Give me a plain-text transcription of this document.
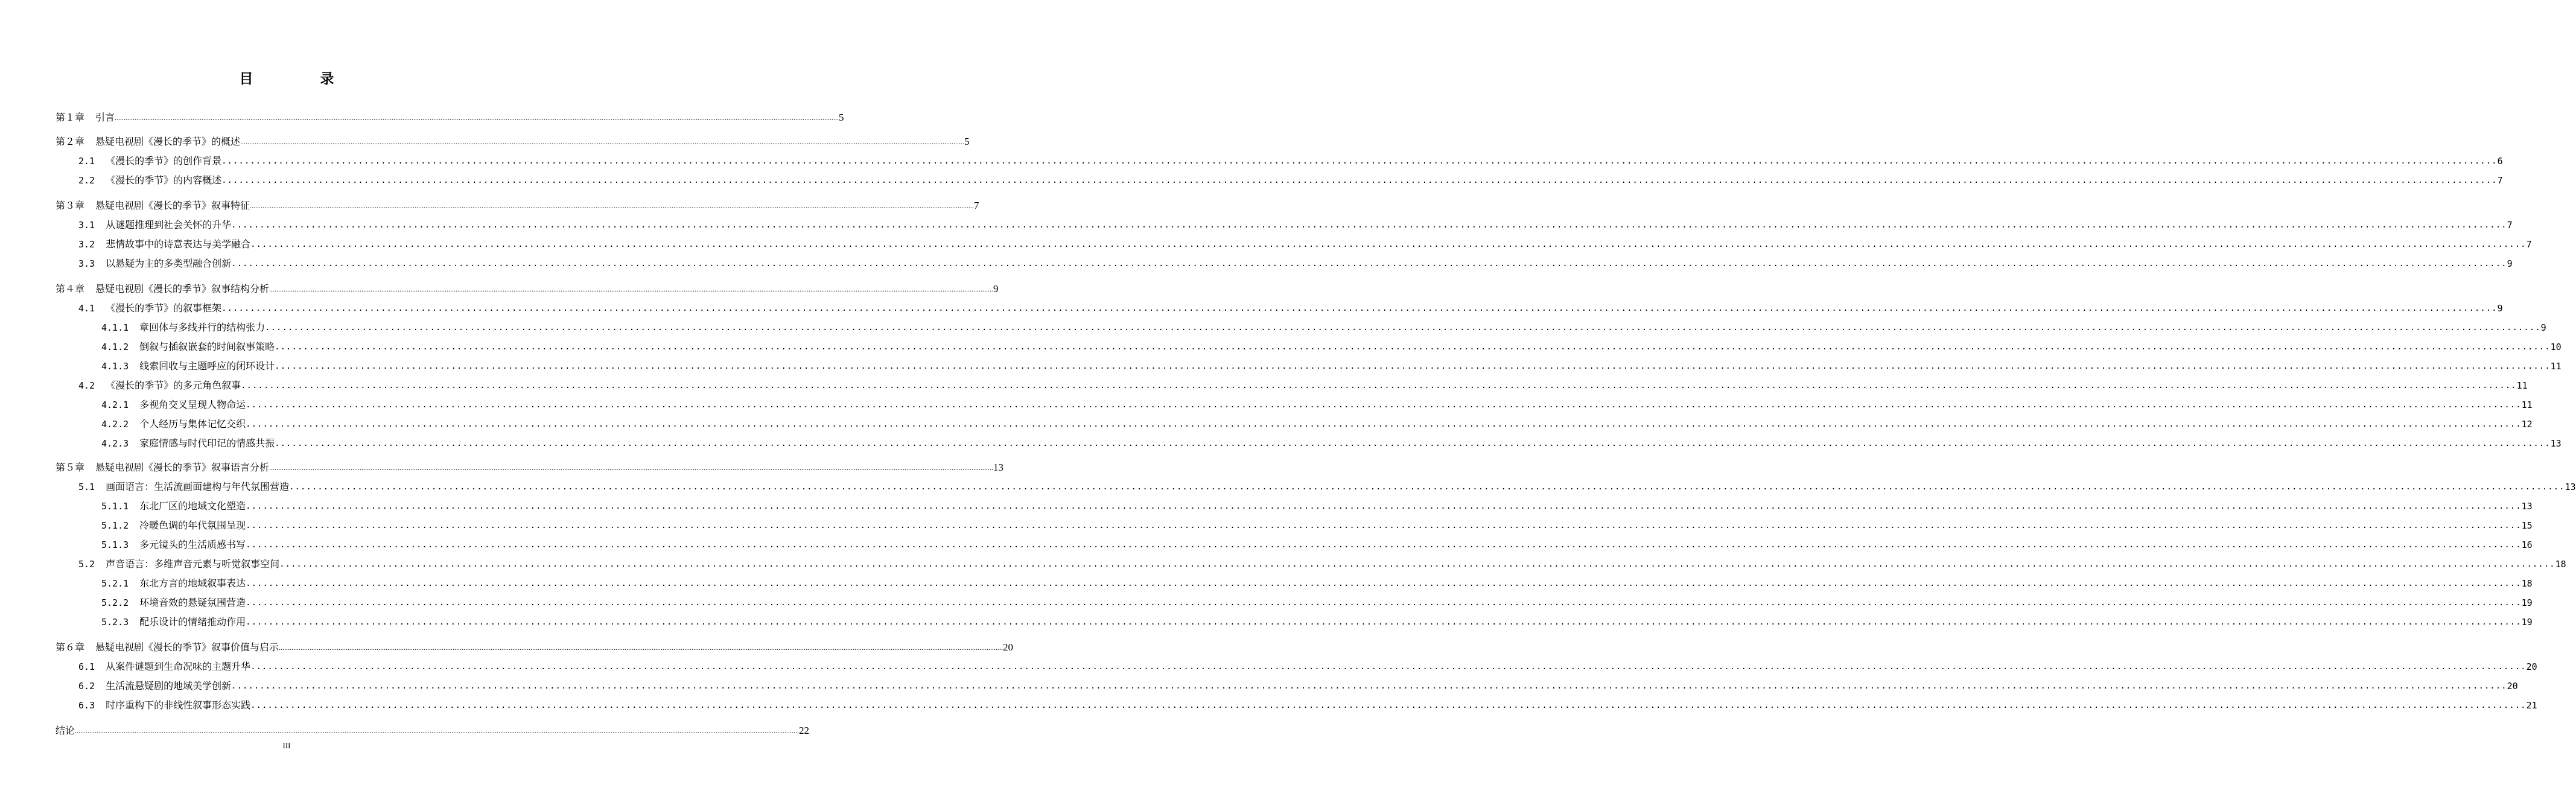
目　录
第１章 引言 ................................................................................................................................................................................................................................................................................................................................................................................................................ 5
第２章 悬疑电视剧《漫长的季节》的概述 ................................................................................................................................................................................................................................................................................................................................................................................................................ 5
2.1 《漫长的季节》的创作背景 ................................................................................................................................................................................................................................................................................................................................................................................................................ 6
2.2 《漫长的季节》的内容概述 ................................................................................................................................................................................................................................................................................................................................................................................................................ 7
第３章 悬疑电视剧《漫长的季节》叙事特征 ................................................................................................................................................................................................................................................................................................................................................................................................................ 7
3.1 从谜题推理到社会关怀的升华 ................................................................................................................................................................................................................................................................................................................................................................................................................ 7
3.2 悲情故事中的诗意表达与美学融合 ................................................................................................................................................................................................................................................................................................................................................................................................................ 7
3.3 以悬疑为主的多类型融合创新 ................................................................................................................................................................................................................................................................................................................................................................................................................ 9
第４章 悬疑电视剧《漫长的季节》叙事结构分析 ................................................................................................................................................................................................................................................................................................................................................................................................................ 9
4.1 《漫长的季节》的叙事框架 ................................................................................................................................................................................................................................................................................................................................................................................................................ 9
4.1.1 章回体与多线并行的结构张力 ................................................................................................................................................................................................................................................................................................................................................................................................................ 9
4.1.2 倒叙与插叙嵌套的时间叙事策略 ................................................................................................................................................................................................................................................................................................................................................................................................................ 10
4.1.3 线索回收与主题呼应的闭环设计 ................................................................................................................................................................................................................................................................................................................................................................................................................ 11
4.2 《漫长的季节》的多元角色叙事 ................................................................................................................................................................................................................................................................................................................................................................................................................ 11
4.2.1 多视角交叉呈现人物命运 ................................................................................................................................................................................................................................................................................................................................................................................................................ 11
4.2.2 个人经历与集体记忆交织 ................................................................................................................................................................................................................................................................................................................................................................................................................ 12
4.2.3 家庭情感与时代印记的情感共振 ................................................................................................................................................................................................................................................................................................................................................................................................................ 13
第５章 悬疑电视剧《漫长的季节》叙事语言分析 ................................................................................................................................................................................................................................................................................................................................................................................................................ 13
5.1 画面语言：生活流画面建构与年代氛围营造 ................................................................................................................................................................................................................................................................................................................................................................................................................ 13
5.1.1 东北厂区的地域文化塑造 ................................................................................................................................................................................................................................................................................................................................................................................................................ 13
5.1.2 冷暖色调的年代氛围呈现 ................................................................................................................................................................................................................................................................................................................................................................................................................ 15
5.1.3 多元镜头的生活质感书写 ................................................................................................................................................................................................................................................................................................................................................................................................................ 16
5.2 声音语言：多维声音元素与听觉叙事空间 ................................................................................................................................................................................................................................................................................................................................................................................................................ 18
5.2.1 东北方言的地域叙事表达 ................................................................................................................................................................................................................................................................................................................................................................................................................ 18
5.2.2 环境音效的悬疑氛围营造 ................................................................................................................................................................................................................................................................................................................................................................................................................ 19
5.2.3 配乐设计的情绪推动作用 ................................................................................................................................................................................................................................................................................................................................................................................................................ 19
第６章 悬疑电视剧《漫长的季节》叙事价值与启示 ................................................................................................................................................................................................................................................................................................................................................................................................................ 20
6.1 从案件谜题到生命况味的主题升华 ................................................................................................................................................................................................................................................................................................................................................................................................................ 20
6.2 生活流悬疑剧的地域美学创新 ................................................................................................................................................................................................................................................................................................................................................................................................................ 20
6.3 时序重构下的非线性叙事形态实践 ................................................................................................................................................................................................................................................................................................................................................................................................................ 21
结论 ................................................................................................................................................................................................................................................................................................................................................................................................................ 22
III
